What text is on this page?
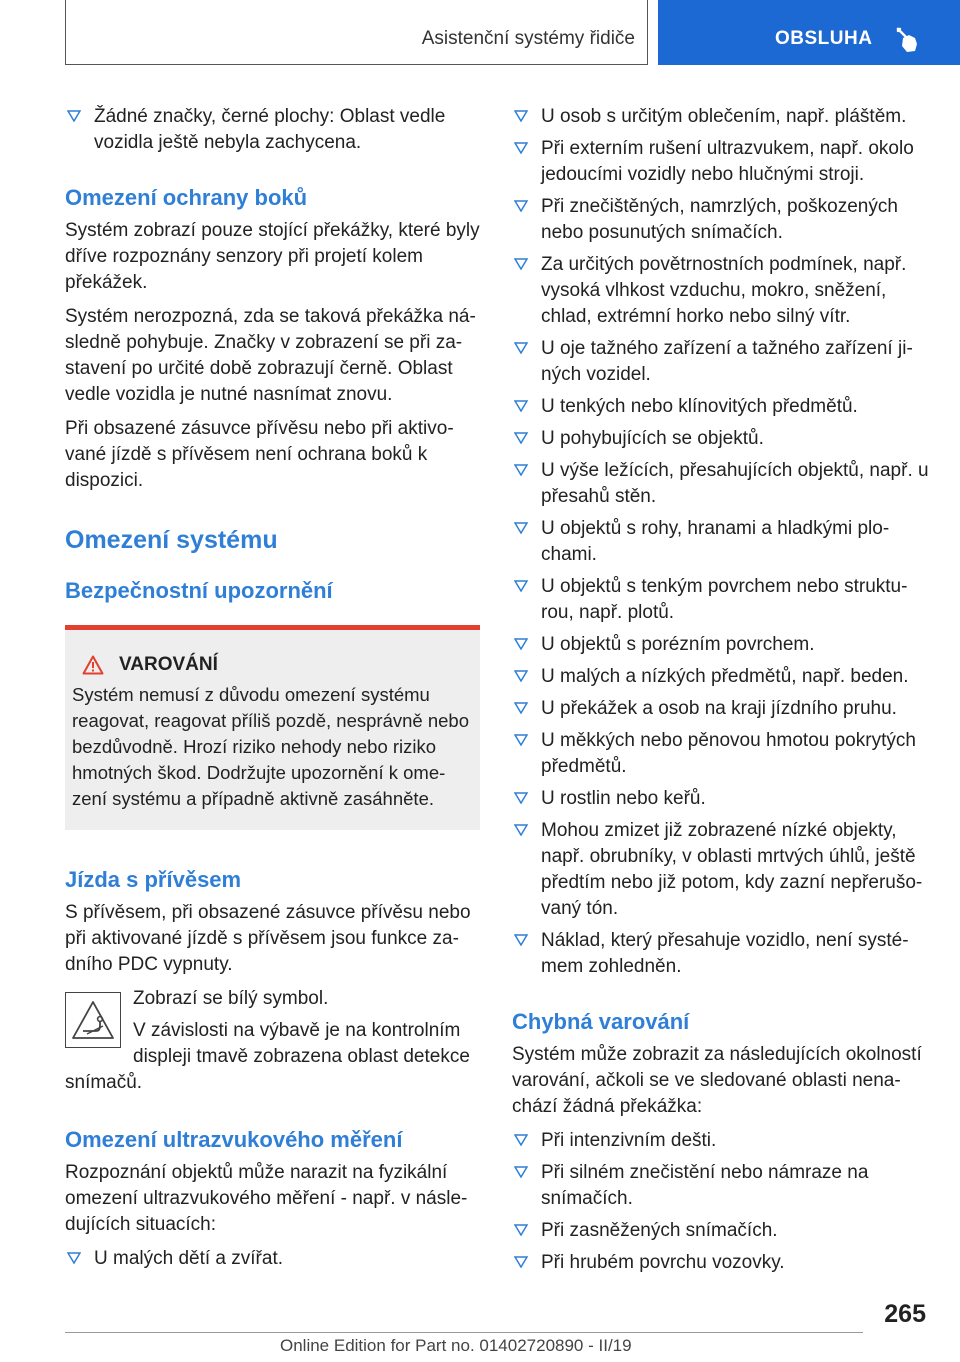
Asistenční systémy řidiče	OBSLUHA
Žádné značky, černé plochy: Oblast vedle vozidla ještě nebyla zachycena.
Omezení ochrany boků

Systém zobrazí pouze stojící překážky, které byly dříve rozpoznány senzory při projetí kolem překážek.

Systém nerozpozná, zda se taková překážka následně pohybuje. Značky v zobrazení se při zastavení po určité době zobrazují černě. Oblast vedle vozidla je nutné nasnímat znovu.

Při obsazené zásuvce přívěsu nebo při aktivované jízdě s přívěsem není ochrana boků k dispozici.

Omezení systému
Bezpečnostní upozornění
VAROVÁNÍ

Systém nemusí z důvodu omezení systému reagovat, reagovat příliš pozdě, nesprávně nebo bezdůvodně. Hrozí riziko nehody nebo riziko hmotných škod. Dodržujte upozornění k omezení systému a případně aktivně zasáhněte.

Jízda s přívěsem

S přívěsem, při obsazené zásuvce přívěsu nebo při aktivované jízdě s přívěsem jsou funkce zadního PDC vypnuty.

Zobrazí se bílý symbol.

V závislosti na výbavě je na kontrolním displeji tmavě zobrazena oblast detekce snímačů.

Omezení ultrazvukového měření

Rozpoznání objektů může narazit na fyzikální omezení ultrazvukového měření - např. v následujících situacích:

U malých dětí a zvířat.
U osob s určitým oblečením, např. pláštěm.
Při externím rušení ultrazvukem, např. okolo jedoucími vozidly nebo hlučnými stroji.
Při znečištěných, namrzlých, poškozených nebo posunutých snímačích.
Za určitých povětrnostních podmínek, např. vysoká vlhkost vzduchu, mokro, sněžení, chlad, extrémní horko nebo silný vítr.
U oje tažného zařízení a tažného zařízení jiných vozidel.
U tenkých nebo klínovitých předmětů.
U pohybujících se objektů.
U výše ležících, přesahujících objektů, např. u přesahů stěn.
U objektů s rohy, hranami a hladkými plochami.
U objektů s tenkým povrchem nebo strukturou, např. plotů.
U objektů s porézním povrchem.
U malých a nízkých předmětů, např. beden.
U překážek a osob na kraji jízdního pruhu.
U měkkých nebo pěnovou hmotou pokrytých předmětů.
U rostlin nebo keřů.
Mohou zmizet již zobrazené nízké objekty, např. obrubníky, v oblasti mrtvých úhlů, ještě předtím nebo již potom, kdy zazní nepřerušovaný tón.
Náklad, který přesahuje vozidlo, není systémem zohledněn.
Chybná varování

Systém může zobrazit za následujících okolností varování, ačkoli se ve sledované oblasti nenachází žádná překážka:

Při intenzivním dešti.
Při silném znečistění nebo námraze na snímačích.
Při zasněžených snímačích.
Při hrubém povrchu vozovky.
265
Online Edition for Part no. 01402720890 - II/19
